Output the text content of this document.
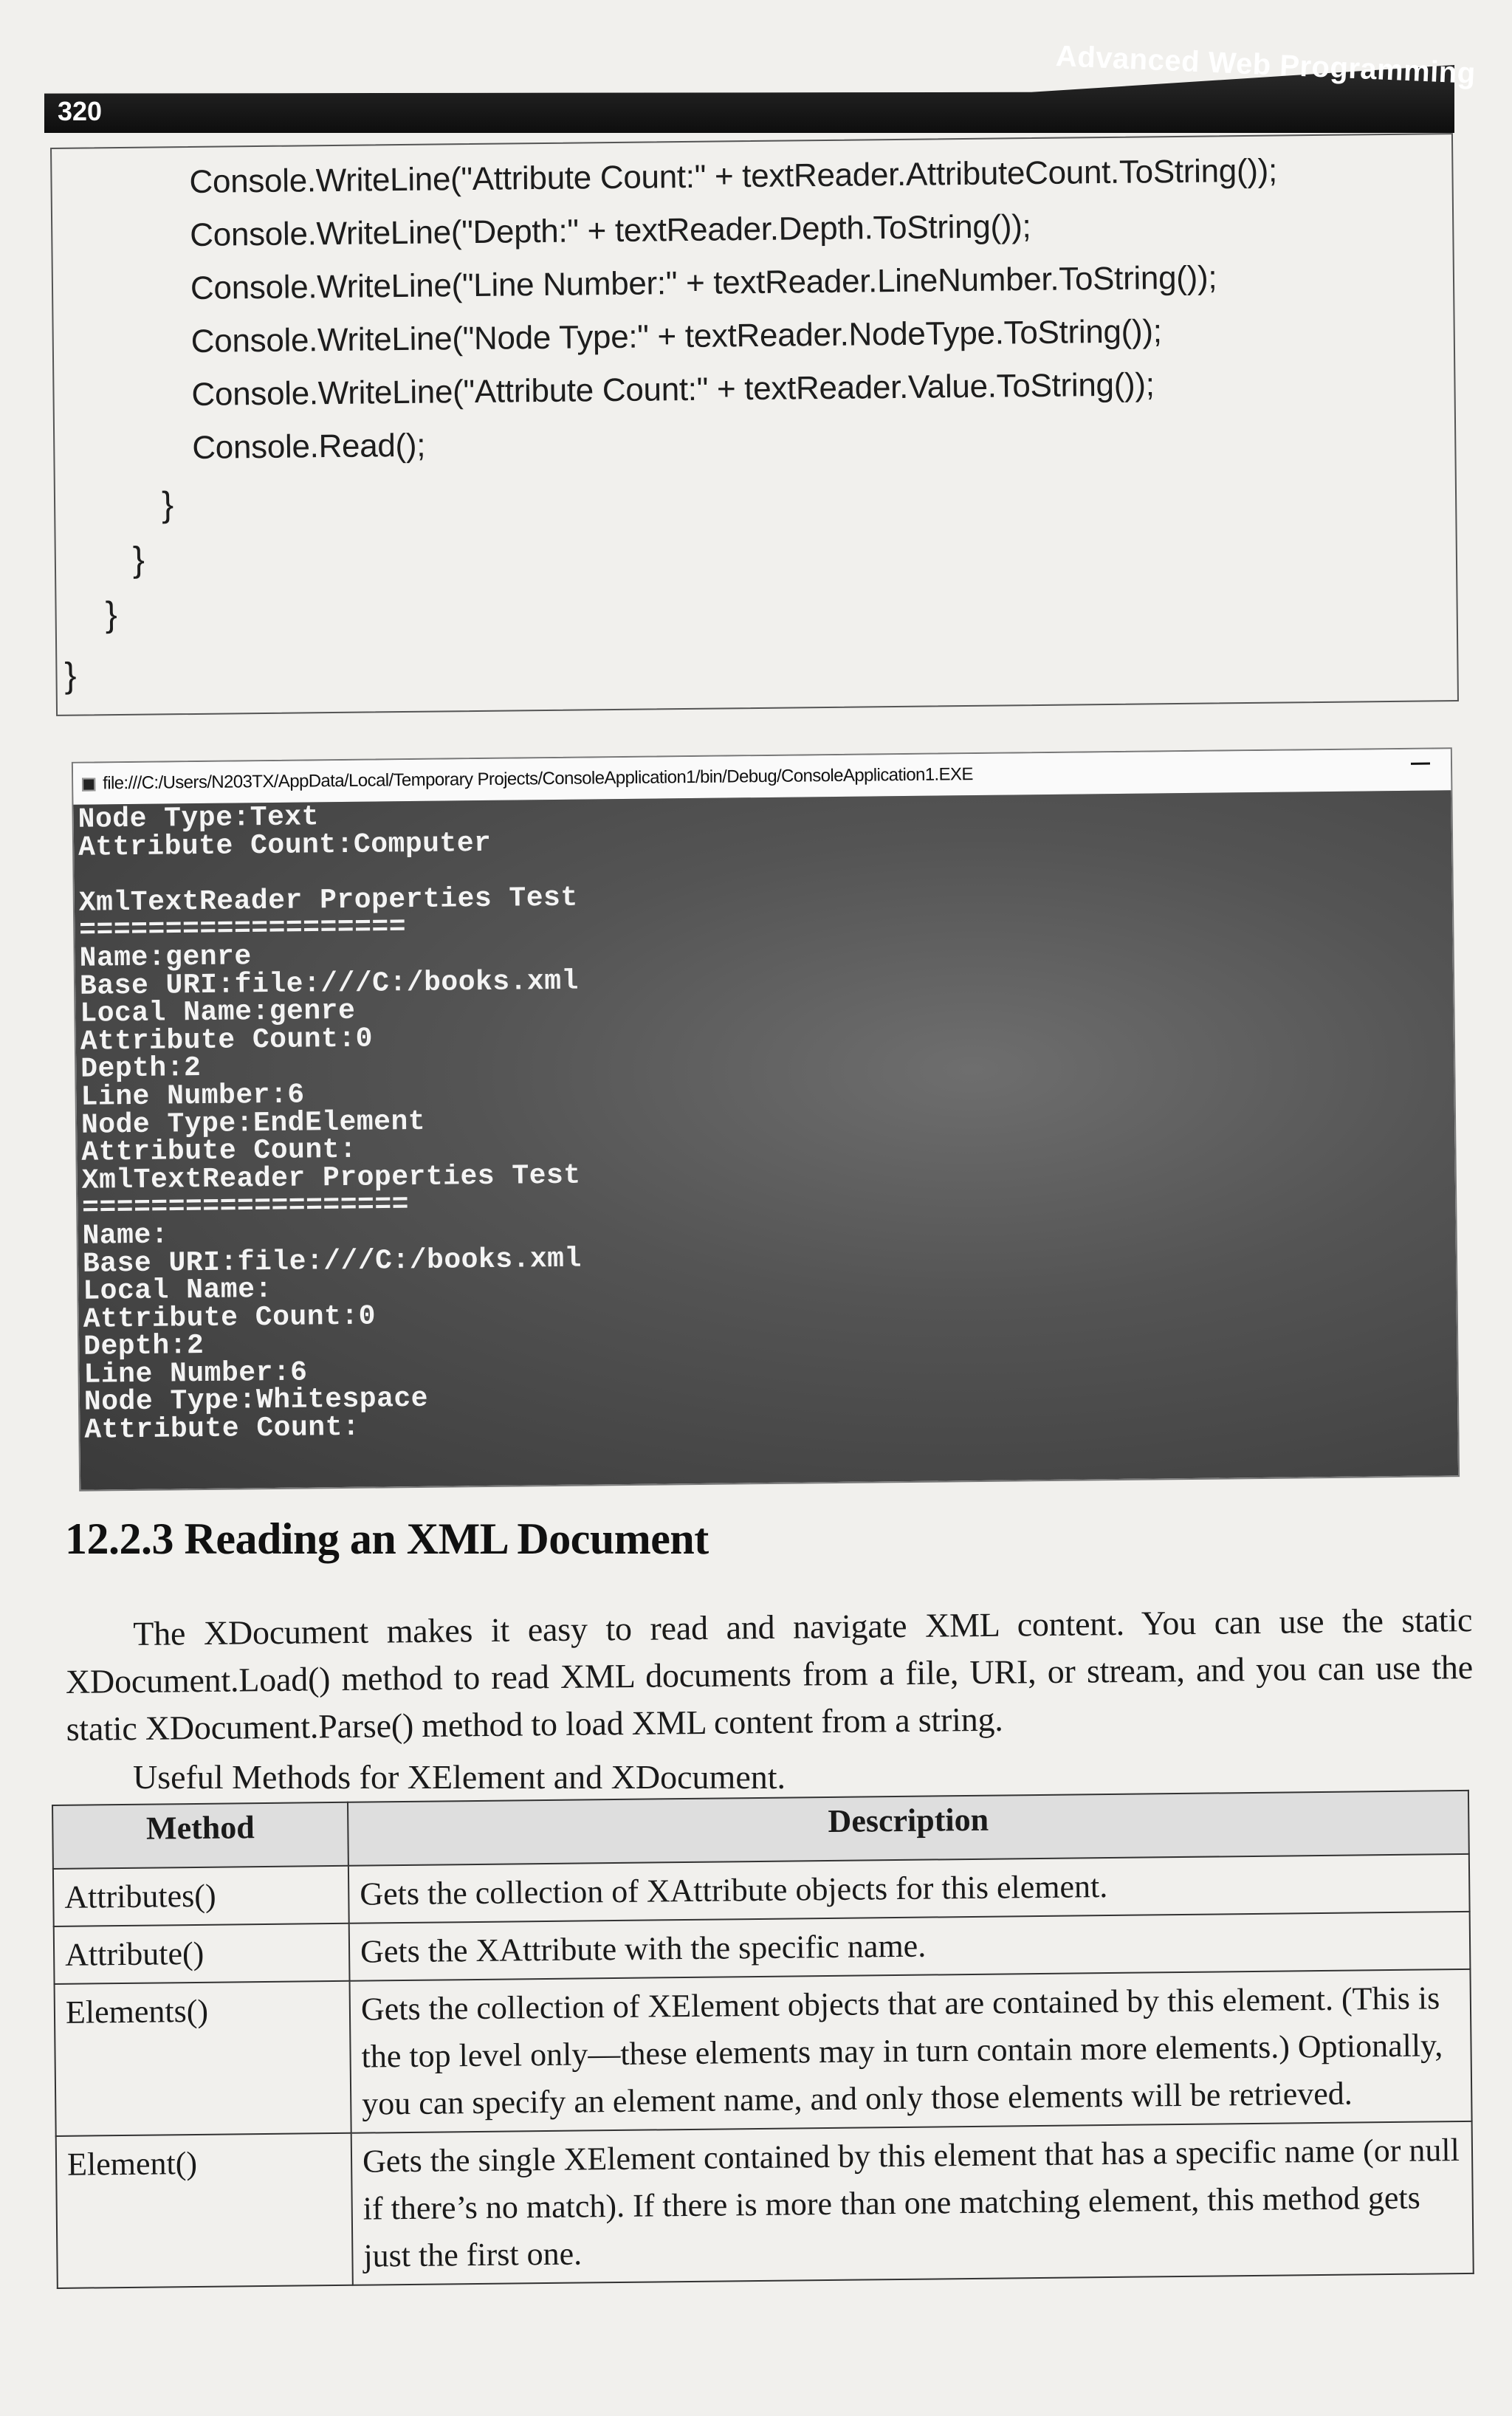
320
Advanced Web Programming
Console.WriteLine("Attribute Count:" + textReader.AttributeCount.ToString());
Console.WriteLine("Depth:" + textReader.Depth.ToString());
Console.WriteLine("Line Number:" + textReader.LineNumber.ToString());
Console.WriteLine("Node Type:" + textReader.NodeType.ToString());
Console.WriteLine("Attribute Count:" + textReader.Value.ToString());
Console.Read();
}
}
}
}
file:///C:/Users/N203TX/AppData/Local/Temporary Projects/ConsoleApplication1/bin/Debug/ConsoleApplication1.EXE
Node Type:Text
Attribute Count:Computer

XmlTextReader Properties Test
===================
Name:genre
Base URI:file:///C:/books.xml
Local Name:genre
Attribute Count:0
Depth:2
Line Number:6
Node Type:EndElement
Attribute Count:
XmlTextReader Properties Test
===================
Name:
Base URI:file:///C:/books.xml
Local Name:
Attribute Count:0
Depth:2
Line Number:6
Node Type:Whitespace
Attribute Count:
12.2.3 Reading an XML Document
The XDocument makes it easy to read and navigate XML content. You can use the static XDocument.Load() method to read XML documents from a file, URI, or stream, and you can use the static XDocument.Parse() method to load XML content from a string.
Useful Methods for XElement and XDocument.
Method	Description
Attributes()	Gets the collection of XAttribute objects for this element.
Attribute()	Gets the XAttribute with the specific name.
Elements()	Gets the collection of XElement objects that are contained by this element. (This is the top level only—these elements may in turn contain more elements.) Optionally, you can specify an element name, and only those elements will be retrieved.
Element()	Gets the single XElement contained by this element that has a specific name (or null if there’s no match). If there is more than one matching element, this method gets just the first one.
